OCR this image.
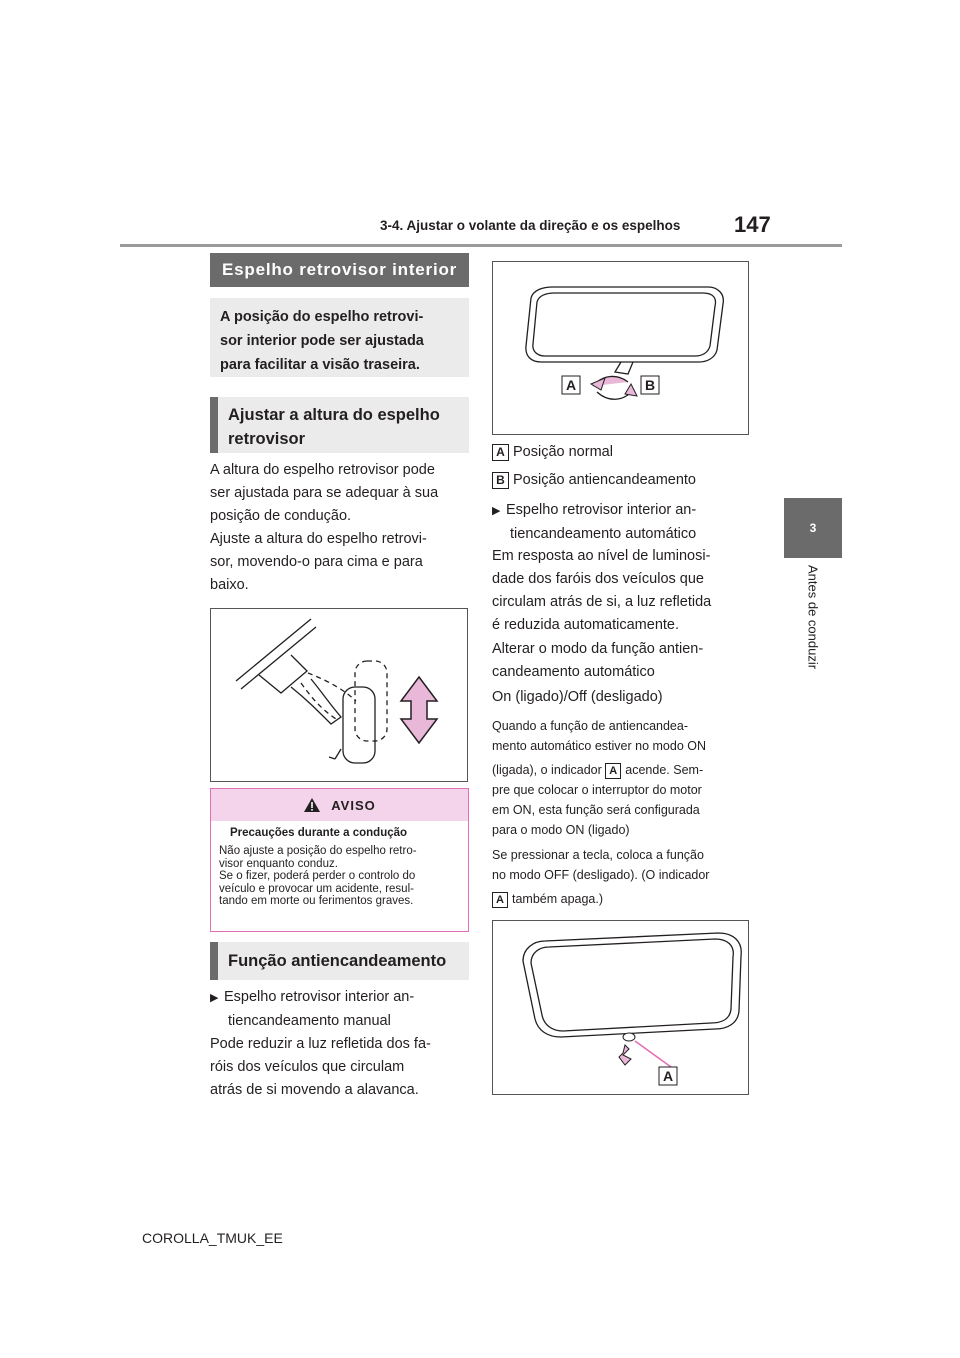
3-4. Ajustar o volante da direção e os espelhos 147
3
Antes de conduzir
Espelho retrovisor interior
A posição do espelho retrovi-
sor interior pode ser ajustada
para facilitar a visão traseira.
Ajustar a altura do espelho
retrovisor
A altura do espelho retrovisor pode
ser ajustada para se adequar à sua
posição de condução.
Ajuste a altura do espelho retrovi-
sor, movendo-o para cima e para
baixo.
AVISO
Precauções durante a condução
Não ajuste a posição do espelho retro-
visor enquanto conduz.
Se o fizer, poderá perder o controlo do
veículo e provocar um acidente, resul-
tando em morte ou ferimentos graves.
Função antiencandeamento
▶ Espelho retrovisor interior an-
tiencandeamento manual
Pode reduzir a luz refletida dos fa-
róis dos veículos que circulam
atrás de si movendo a alavanca.
A	B
A Posição normal
B Posição antiencandeamento
▶ Espelho retrovisor interior an-
tiencandeamento automático
Em resposta ao nível de luminosi-
dade dos faróis dos veículos que
circulam atrás de si, a luz refletida
é reduzida automaticamente.
Alterar o modo da função antien-
candeamento automático
On (ligado)/Off (desligado)
Quando a função de antiencandea-
mento automático estiver no modo ON
(ligada), o indicador A acende. Sem-
pre que colocar o interruptor do motor
em ON, esta função será configurada
para o modo ON (ligado)
Se pressionar a tecla, coloca a função
no modo OFF (desligado). (O indicador
A também apaga.)
A
COROLLA_TMUK_EE
